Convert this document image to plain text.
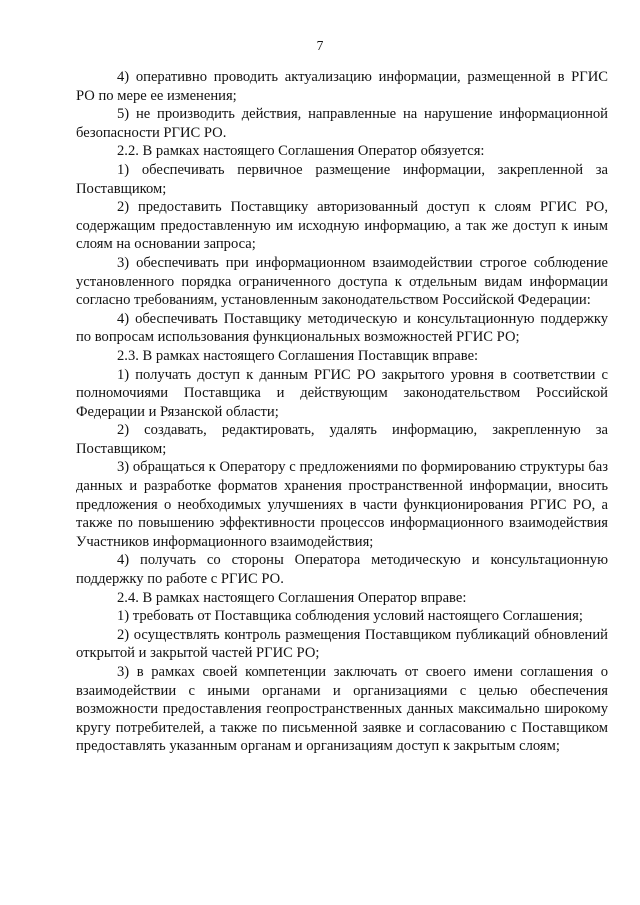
7

4) оперативно проводить актуализацию информации, размещенной в РГИС РО по мере ее изменения;

5) не производить действия, направленные на нарушение информационной безопасности РГИС РО.

2.2. В рамках настоящего Соглашения Оператор обязуется:

1) обеспечивать первичное размещение информации, закрепленной за Поставщиком;

2) предоставить Поставщику авторизованный доступ к слоям РГИС РО, содержащим предоставленную им исходную информацию, а так же доступ к иным слоям на основании запроса;

3) обеспечивать при информационном взаимодействии строгое соблюдение установленного порядка ограниченного доступа к отдельным видам информации согласно требованиям, установленным законодательством Российской Федерации:

4) обеспечивать Поставщику методическую и консультационную поддержку по вопросам использования функциональных возможностей РГИС РО;

2.3. В рамках настоящего Соглашения Поставщик вправе:

1) получать доступ к данным РГИС РО закрытого уровня в соответствии с полномочиями Поставщика и действующим законодательством Российской Федерации и Рязанской области;

2) создавать, редактировать, удалять информацию, закрепленную за Поставщиком;

3) обращаться к Оператору с предложениями по формированию структуры баз данных и разработке форматов хранения пространственной информации, вносить предложения о необходимых улучшениях в части функционирования РГИС РО, а также по повышению эффективности процессов информационного взаимодействия Участников информационного взаимодействия;

4) получать со стороны Оператора методическую и консультационную поддержку по работе с РГИС РО.

2.4. В рамках настоящего Соглашения Оператор вправе:

1) требовать от Поставщика соблюдения условий настоящего Соглашения;

2) осуществлять контроль размещения Поставщиком публикаций обновлений открытой и закрытой частей РГИС РО;

3) в рамках своей компетенции заключать от своего имени соглашения о взаимодействии с иными органами и организациями с целью обеспечения возможности предоставления геопространственных данных максимально широкому кругу потребителей, а также по письменной заявке и согласованию с Поставщиком предоставлять указанным органам и организациям доступ к закрытым слоям;
